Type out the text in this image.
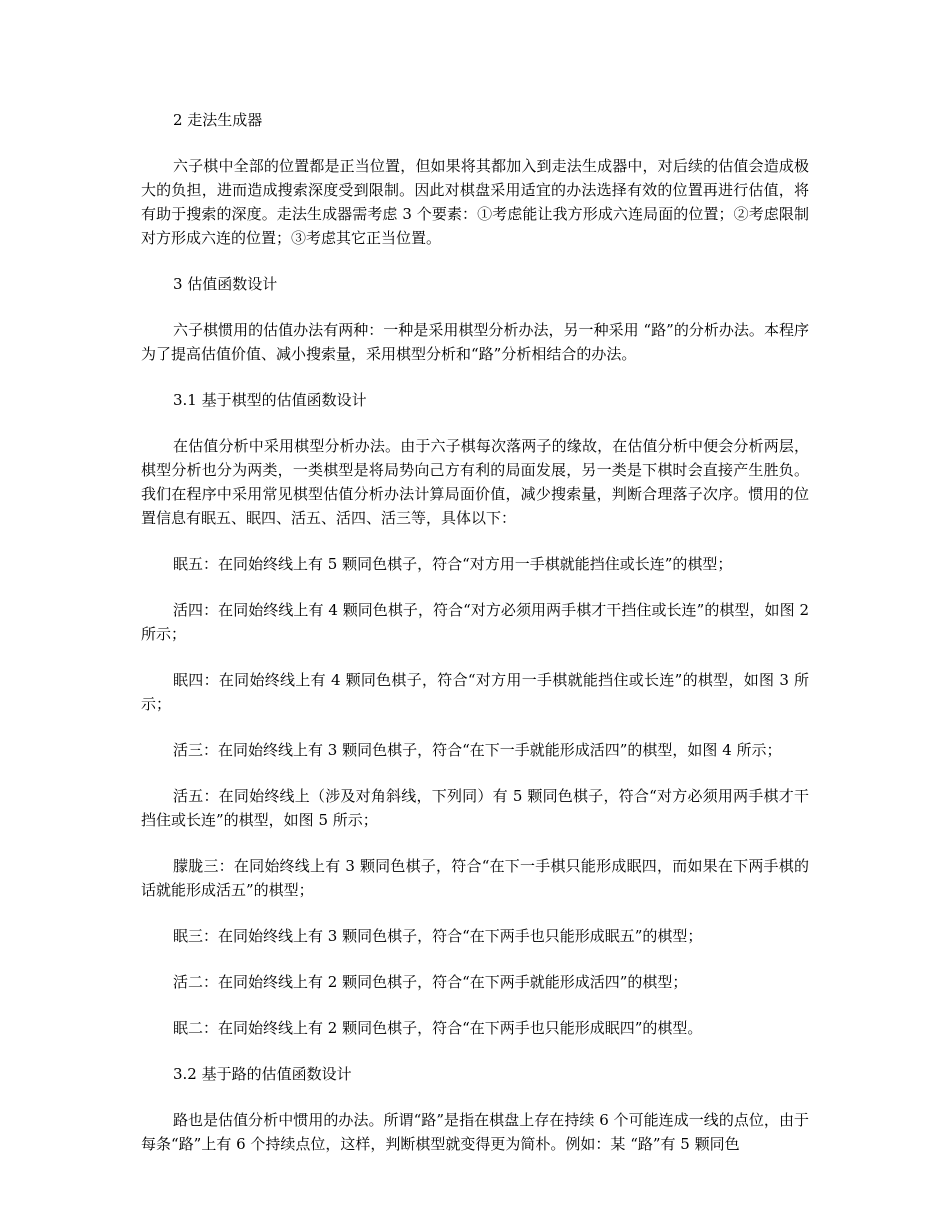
2 走法生成器

六子棋中全部的位置都是正当位置，但如果将其都加入到走法生成器中，对后续的估值会造成极大的负担，进而造成搜索深度受到限制。因此对棋盘采用适宜的办法选择有效的位置再进行估值，将有助于搜索的深度。走法生成器需考虑 3 个要素：①考虑能让我方形成六连局面的位置；②考虑限制对方形成六连的位置；③考虑其它正当位置。

3 估值函数设计

六子棋惯用的估值办法有两种：一种是采用棋型分析办法，另一种采用 “路”的分析办法。本程序为了提高估值价值、减小搜索量，采用棋型分析和“路”分析相结合的办法。

3.1 基于棋型的估值函数设计

在估值分析中采用棋型分析办法。由于六子棋每次落两子的缘故，在估值分析中便会分析两层，棋型分析也分为两类，一类棋型是将局势向己方有利的局面发展，另一类是下棋时会直接产生胜负。我们在程序中采用常见棋型估值分析办法计算局面价值，减少搜索量，判断合理落子次序。惯用的位置信息有眠五、眠四、活五、活四、活三等，具体以下：

眠五：在同始终线上有 5 颗同色棋子，符合“对方用一手棋就能挡住或长连”的棋型；

活四：在同始终线上有 4 颗同色棋子，符合“对方必须用两手棋才干挡住或长连”的棋型，如图 2 所示；

眠四：在同始终线上有 4 颗同色棋子，符合“对方用一手棋就能挡住或长连”的棋型，如图 3 所示；

活三：在同始终线上有 3 颗同色棋子，符合“在下一手就能形成活四”的棋型，如图 4 所示；

活五：在同始终线上（涉及对角斜线，下列同）有 5 颗同色棋子，符合“对方必须用两手棋才干挡住或长连”的棋型，如图 5 所示；

朦胧三：在同始终线上有 3 颗同色棋子，符合“在下一手棋只能形成眠四，而如果在下两手棋的话就能形成活五”的棋型；

眠三：在同始终线上有 3 颗同色棋子，符合“在下两手也只能形成眠五”的棋型；

活二：在同始终线上有 2 颗同色棋子，符合“在下两手就能形成活四”的棋型；

眠二：在同始终线上有 2 颗同色棋子，符合“在下两手也只能形成眠四”的棋型。

3.2 基于路的估值函数设计

路也是估值分析中惯用的办法。所谓“路”是指在棋盘上存在持续 6 个可能连成一线的点位，由于每条“路”上有 6 个持续点位，这样，判断棋型就变得更为简朴。例如：某 “路”有 5 颗同色
